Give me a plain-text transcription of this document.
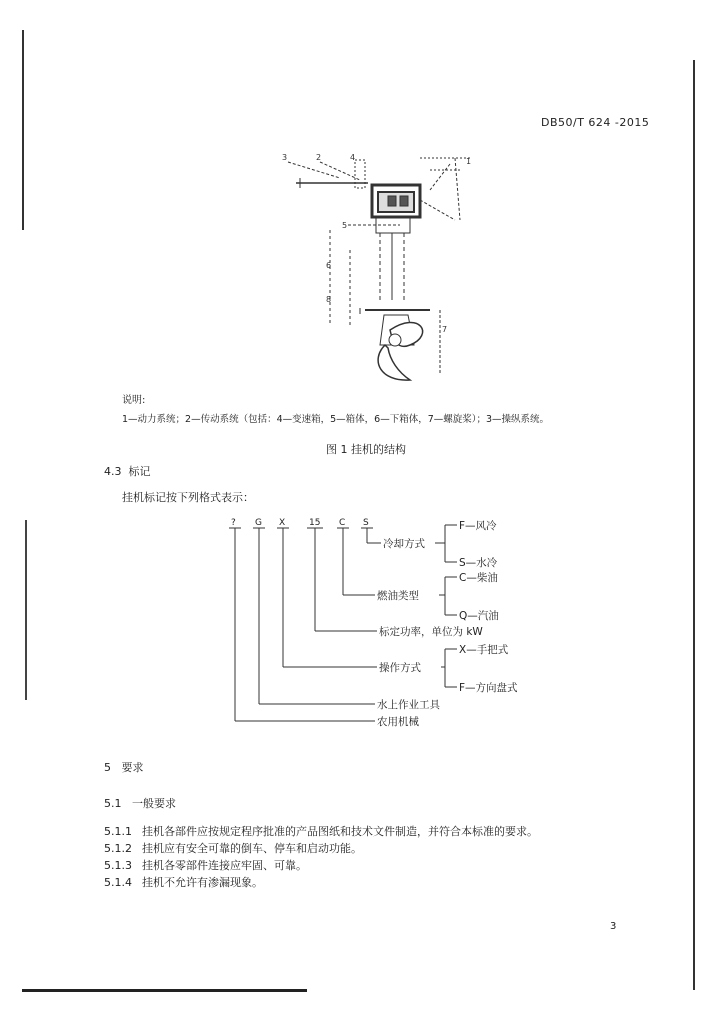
DB50/T 624 -2015
3	2	4	1
5
6
8
7
说明:
1—动力系统；2—传动系统（包括：4—变速箱，5—箱体，6—下箱体，7—螺旋桨）；3—操纵系统。
图 1 挂机的结构
4.3 标记
挂机标记按下列格式表示：
? G X	15 C S
冷却方式
燃油类型
标定功率，单位为 kW
操作方式
水上作业工具
农用机械
F—风冷
S—水冷
C—柴油
Q—汽油
X—手把式
F—方向盘式
5 要求
5.1 一般要求
5.1.1 挂机各部件应按规定程序批准的产品图纸和技术文件制造，并符合本标准的要求。
5.1.2 挂机应有安全可靠的倒车、停车和启动功能。
5.1.3 挂机各零部件连接应牢固、可靠。
5.1.4 挂机不允许有渗漏现象。
3
